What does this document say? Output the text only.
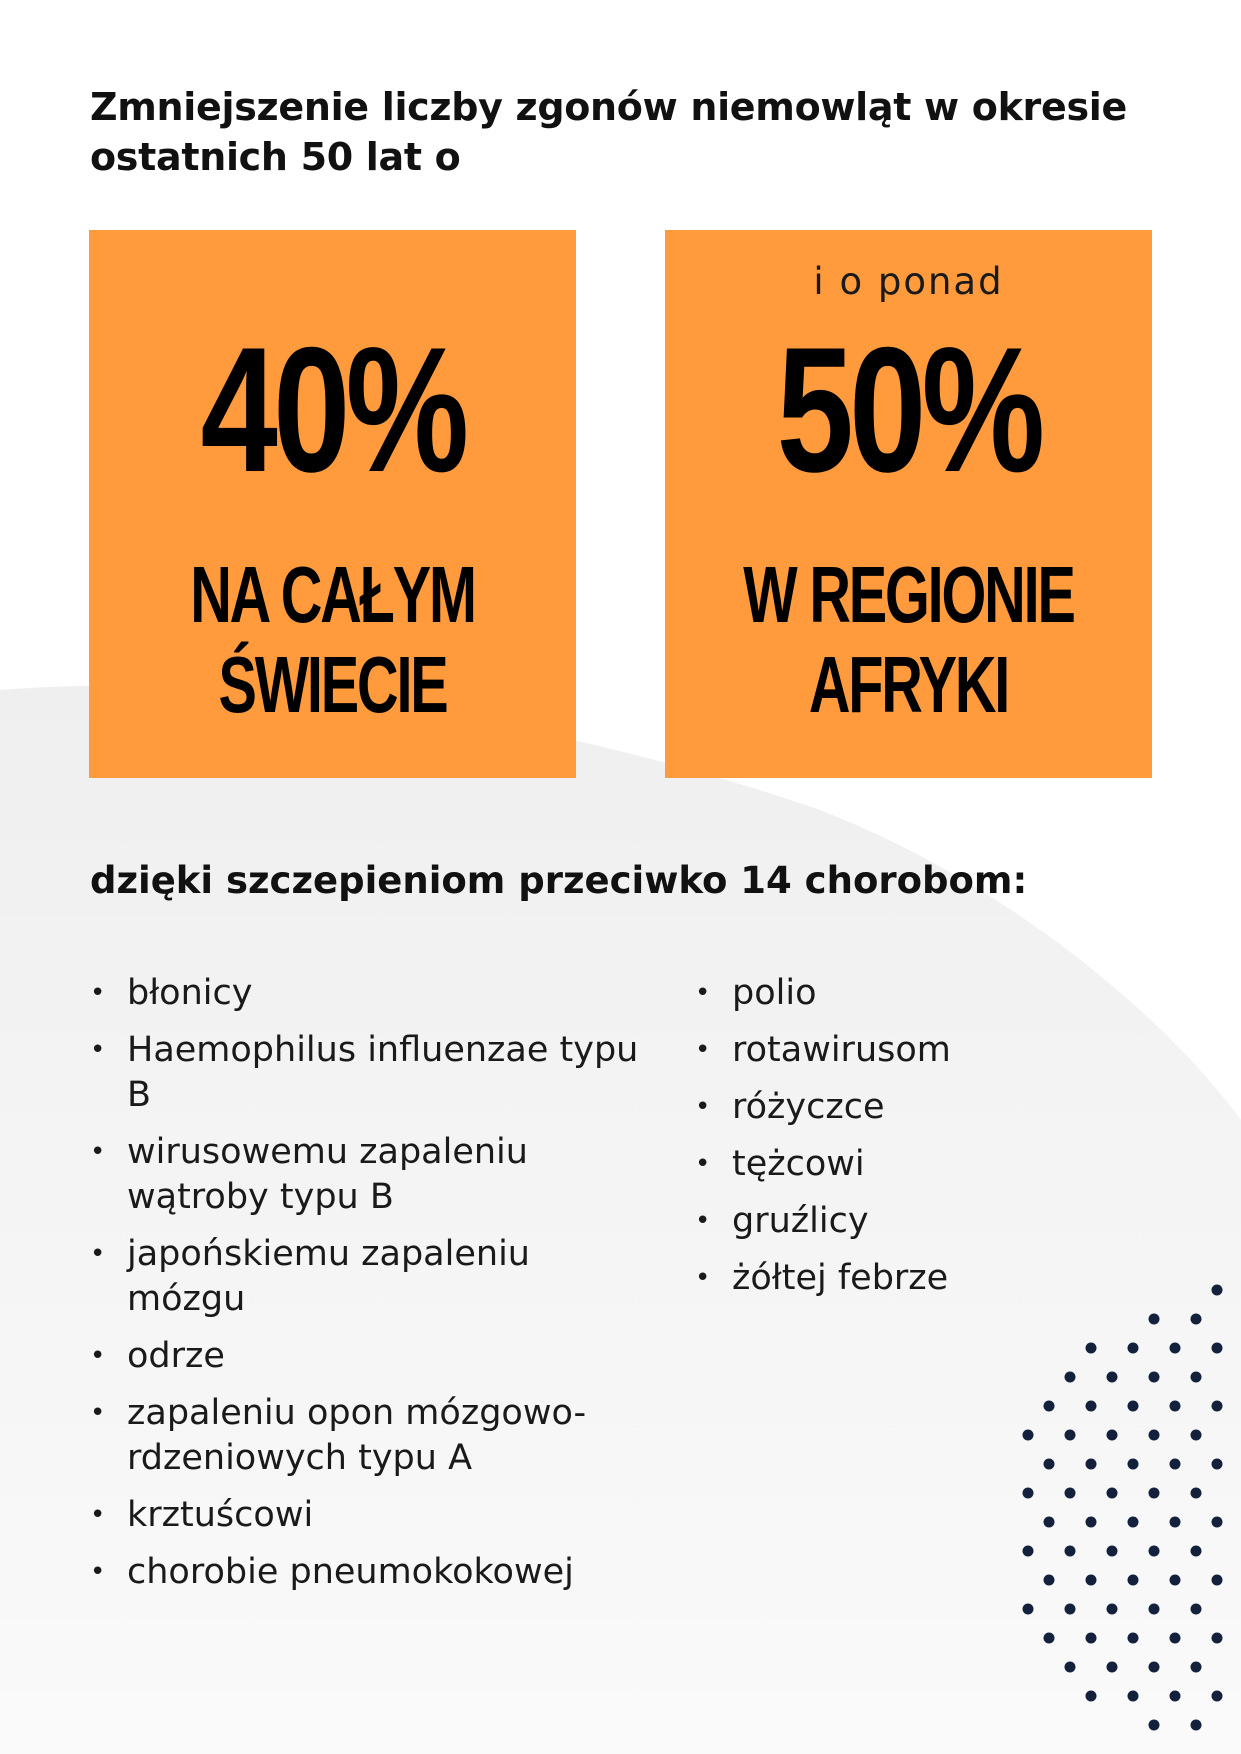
Zmniejszenie liczby zgonów niemowląt w okresie ostatnich 50 lat o
40%
NA CAŁYM
ŚWIECIE
i o ponad
50%
W REGIONIE
AFRYKI
dzięki szczepieniom przeciwko 14 chorobom:
• błonicy
• Haemophilus influenzae typu B
• wirusowemu zapaleniu wątroby typu B
• japońskiemu zapaleniu mózgu
• odrze
• zapaleniu opon mózgowo-rdzeniowych typu A
• krztuścowi
• chorobie pneumokokowej
• polio
• rotawirusom
• różyczce
• tężcowi
• gruźlicy
• żółtej febrze
